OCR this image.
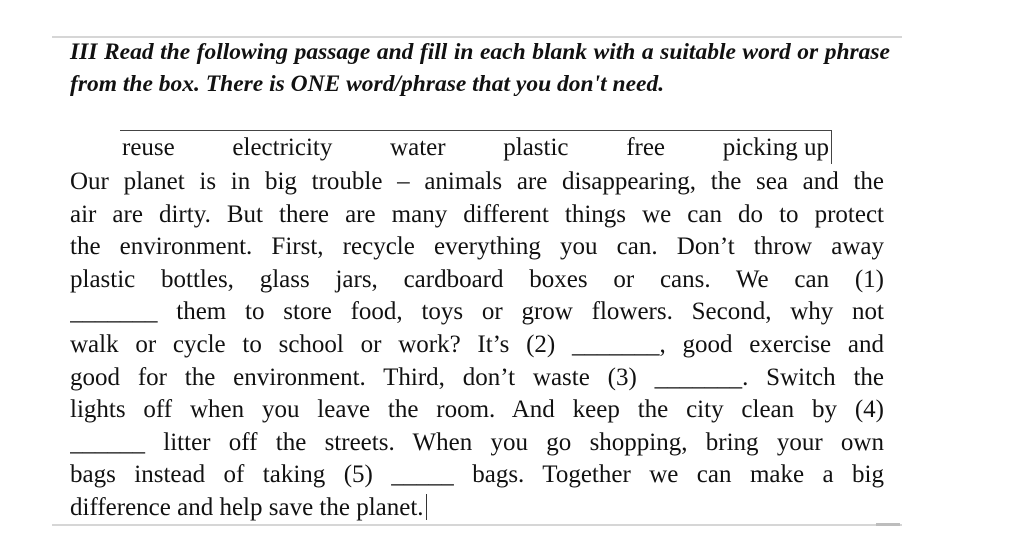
III Read the following passage and fill in each blank with a suitable word or phrase from the box. There is ONE word/phrase that you don't need.
reuse electricity water plastic free picking up
Our planet is in big trouble – animals are disappearing, the sea and the
air are dirty. But there are many different things we can do to protect
the environment. First, recycle everything you can. Don’t throw away
plastic bottles, glass jars, cardboard boxes or cans. We can (1)
_______ them to store food, toys or grow flowers. Second, why not
walk or cycle to school or work? It’s (2) _______, good exercise and
good for the environment. Third, don’t waste (3) _______. Switch the
lights off when you leave the room. And keep the city clean by (4)
______ litter off the streets. When you go shopping, bring your own
bags instead of taking (5) _____ bags. Together we can make a big
difference and help save the planet.
